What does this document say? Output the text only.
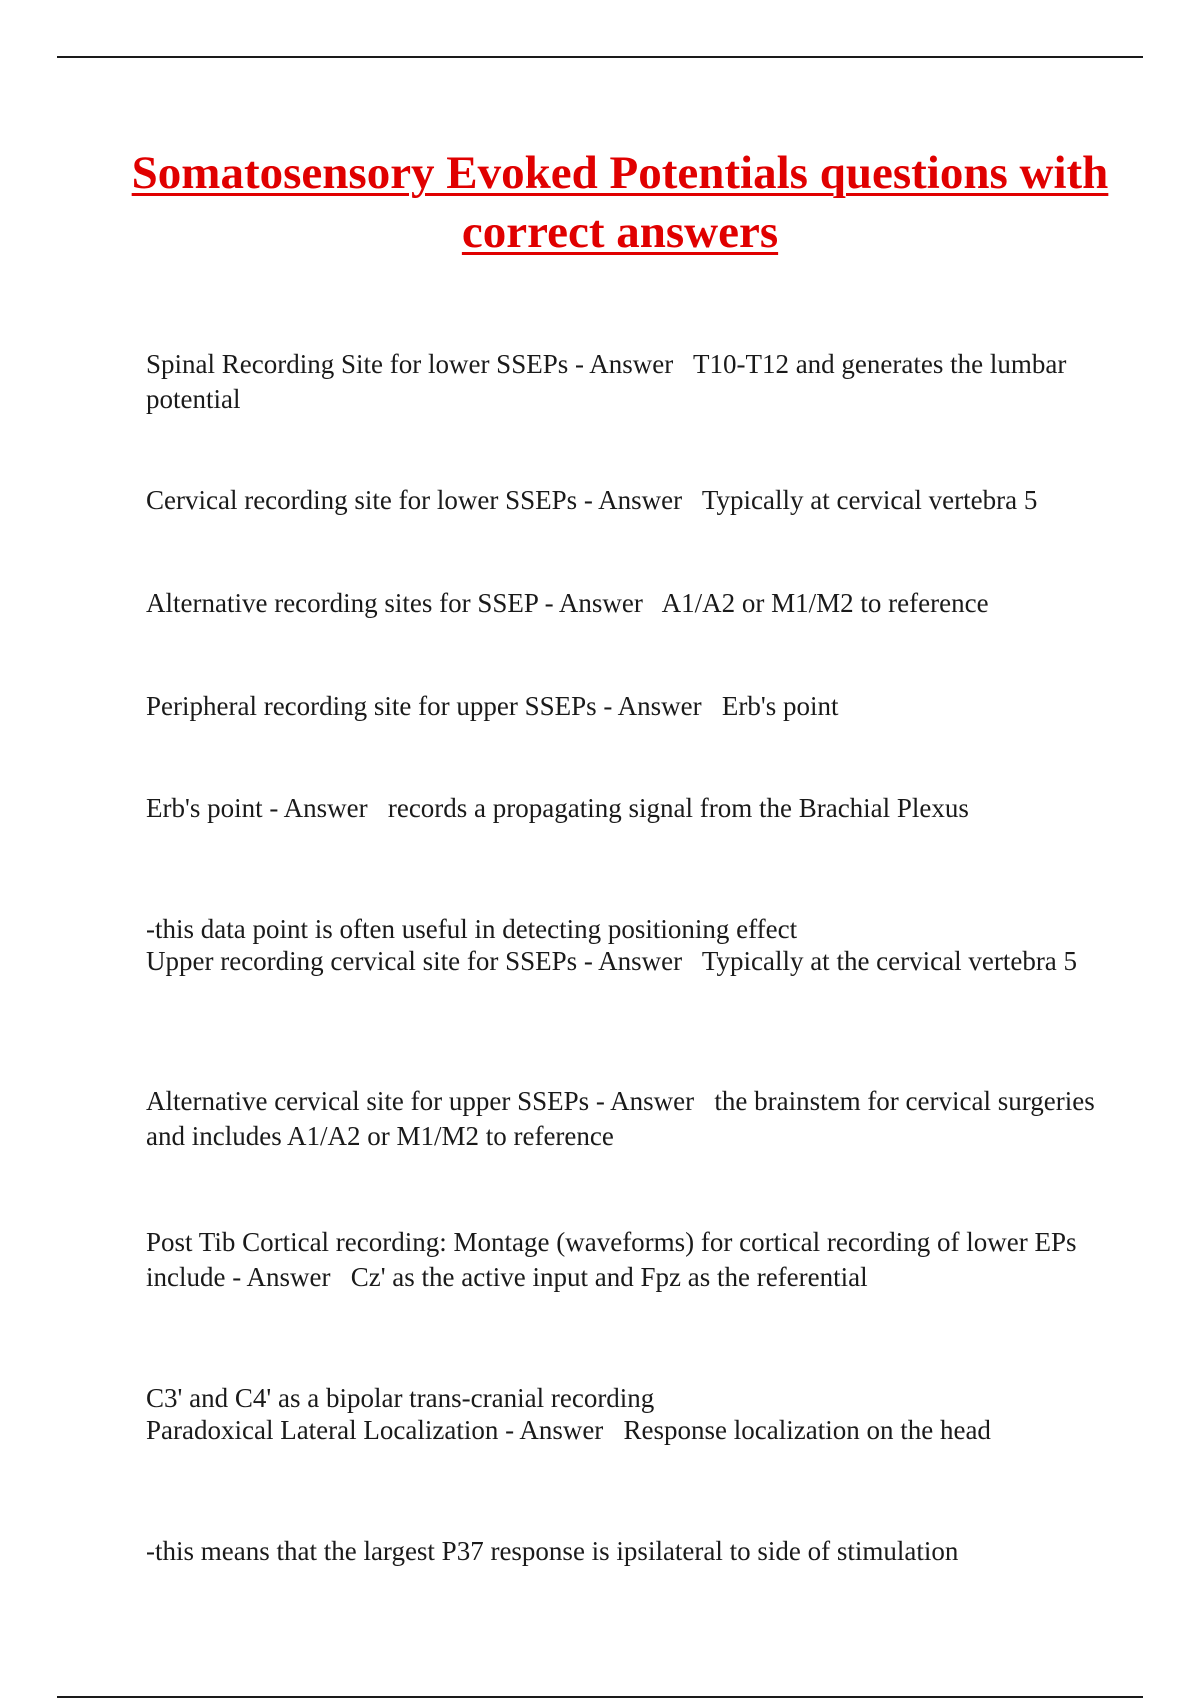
Somatosensory Evoked Potentials questions with correct answers

Spinal Recording Site for lower SSEPs - Answer   T10-T12 and generates the lumbar potential

Cervical recording site for lower SSEPs - Answer   Typically at cervical vertebra 5

Alternative recording sites for SSEP - Answer   A1/A2 or M1/M2 to reference

Peripheral recording site for upper SSEPs - Answer   Erb's point

Erb's point - Answer   records a propagating signal from the Brachial Plexus

-this data point is often useful in detecting positioning effect

Upper recording cervical site for SSEPs - Answer   Typically at the cervical vertebra 5

Alternative cervical site for upper SSEPs - Answer   the brainstem for cervical surgeries and includes A1/A2 or M1/M2 to reference

Post Tib Cortical recording: Montage (waveforms) for cortical recording of lower EPs include - Answer   Cz' as the active input and Fpz as the referential

C3' and C4' as a bipolar trans-cranial recording

Paradoxical Lateral Localization - Answer   Response localization on the head

-this means that the largest P37 response is ipsilateral to side of stimulation
